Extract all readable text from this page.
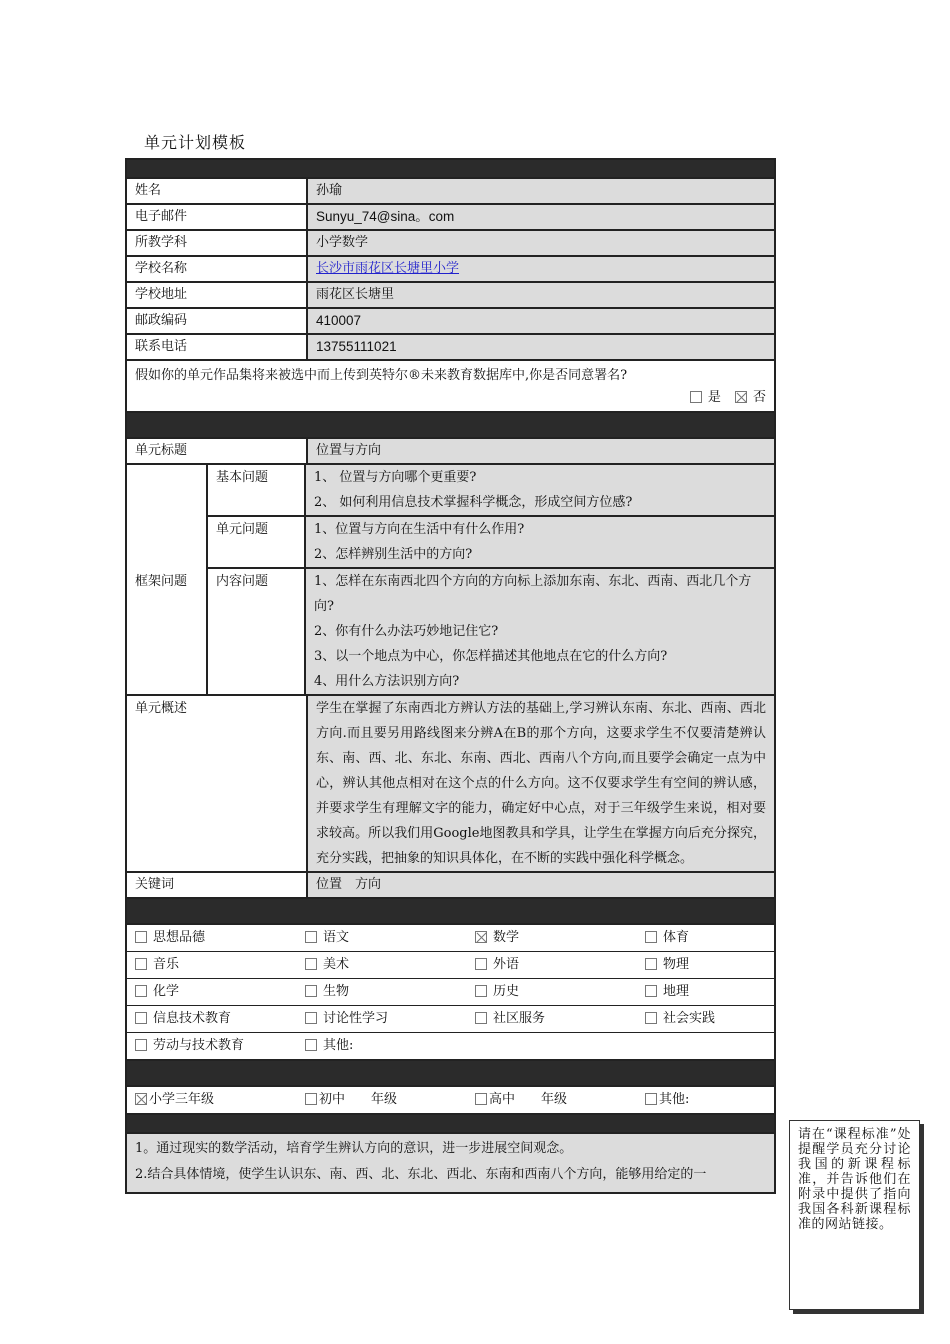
单元计划模板
姓名	孙瑜
电子邮件	Sunyu_74@sina。com
所教学科	小学数学
学校名称	长沙市雨花区长塘里小学
学校地址	雨花区长塘里
邮政编码	410007
联系电话	13755111021
假如你的单元作品集将来被选中而上传到英特尔®未来教育数据库中,你是否同意署名?
是 否
单元标题	位置与方向
框架问题
基本问题	1、 位置与方向哪个更重要?
2、 如何利用信息技术掌握科学概念，形成空间方位感?
单元问题	1、位置与方向在生活中有什么作用?
2、怎样辨别生活中的方向?
内容问题	1、怎样在东南西北四个方向的方向标上添加东南、东北、西南、西北几个方向?
2、你有什么办法巧妙地记住它?
3、以一个地点为中心，你怎样描述其他地点在它的什么方向?
4、用什么方法识别方向?
单元概述	学生在掌握了东南西北方辨认方法的基础上,学习辨认东南、东北、西南、西北方向.而且要另用路线图来分辨A在B的那个方向，这要求学生不仅要清楚辨认东、南、西、北、东北、东南、西北、西南八个方向,而且要学会确定一点为中心，辨认其他点相对在这个点的什么方向。这不仅要求学生有空间的辨认感，并要求学生有理解文字的能力，确定好中心点，对于三年级学生来说，相对要求较高。所以我们用Google地图教具和学具，让学生在掌握方向后充分探究，充分实践，把抽象的知识具体化，在不断的实践中强化科学概念。
关键词	位置　方向
思想品德	语文	数学	体育
音乐	美术	外语	物理
化学	生物	历史	地理
信息技术教育	讨论性学习	社区服务	社会实践
劳动与技术教育	其他:
小学三年级	初中　　年级	高中　　年级	其他:
1。通过现实的数学活动，培育学生辨认方向的意识，进一步进展空间观念。
2.结合具体情境，使学生认识东、南、西、北、东北、西北、东南和西南八个方向，能够用给定的一
请在“课程标准”处提醒学员充分讨论我国的新课程标准，并告诉他们在附录中提供了指向我国各科新课程标准的网站链接。
